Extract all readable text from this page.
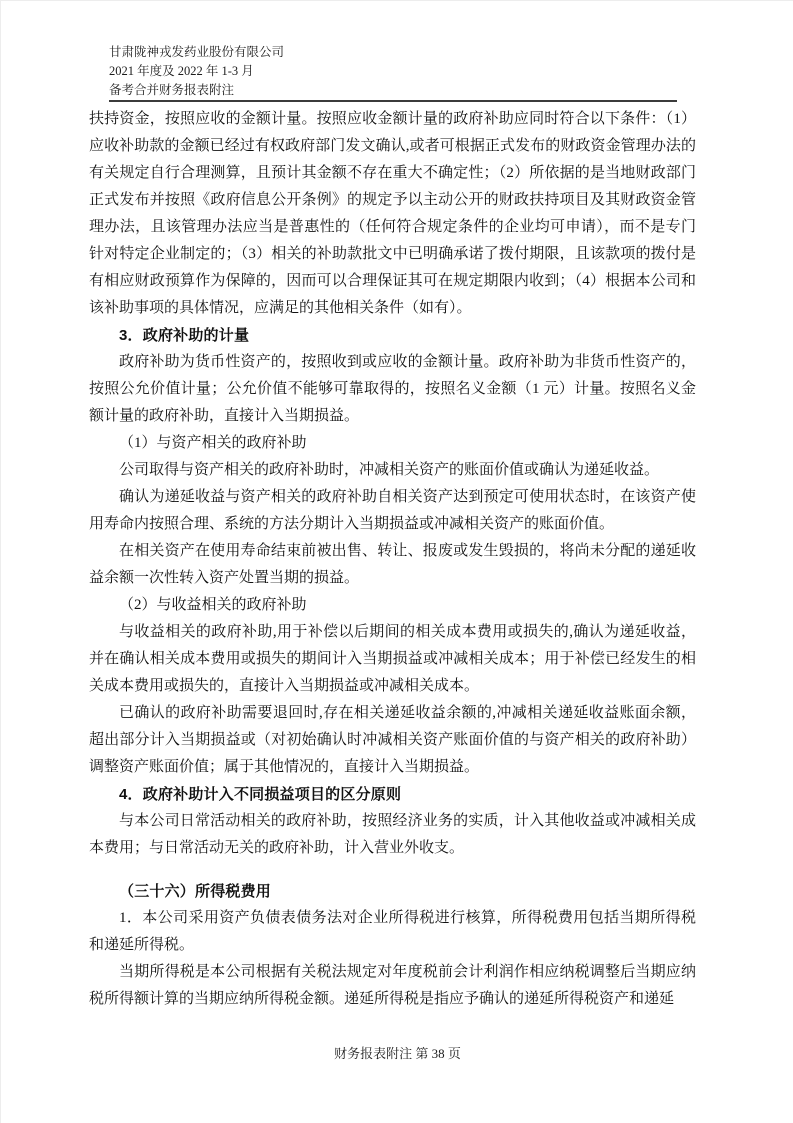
甘肃陇神戎发药业股份有限公司
2021 年度及 2022 年 1-3 月
备考合并财务报表附注

扶持资金，按照应收的金额计量。按照应收金额计量的政府补助应同时符合以下条件：（1）应收补助款的金额已经过有权政府部门发文确认,或者可根据正式发布的财政资金管理办法的有关规定自行合理测算，且预计其金额不存在重大不确定性；（2）所依据的是当地财政部门正式发布并按照《政府信息公开条例》的规定予以主动公开的财政扶持项目及其财政资金管理办法，且该管理办法应当是普惠性的（任何符合规定条件的企业均可申请），而不是专门针对特定企业制定的；（3）相关的补助款批文中已明确承诺了拨付期限，且该款项的拨付是有相应财政预算作为保障的，因而可以合理保证其可在规定期限内收到；（4）根据本公司和该补助事项的具体情况，应满足的其他相关条件（如有）。

3．政府补助的计量

政府补助为货币性资产的，按照收到或应收的金额计量。政府补助为非货币性资产的，按照公允价值计量；公允价值不能够可靠取得的，按照名义金额（1 元）计量。按照名义金额计量的政府补助，直接计入当期损益。

（1）与资产相关的政府补助

公司取得与资产相关的政府补助时，冲减相关资产的账面价值或确认为递延收益。

确认为递延收益与资产相关的政府补助自相关资产达到预定可使用状态时，在该资产使用寿命内按照合理、系统的方法分期计入当期损益或冲减相关资产的账面价值。

在相关资产在使用寿命结束前被出售、转让、报废或发生毁损的，将尚未分配的递延收益余额一次性转入资产处置当期的损益。

（2）与收益相关的政府补助

与收益相关的政府补助,用于补偿以后期间的相关成本费用或损失的,确认为递延收益，并在确认相关成本费用或损失的期间计入当期损益或冲减相关成本；用于补偿已经发生的相关成本费用或损失的，直接计入当期损益或冲减相关成本。

已确认的政府补助需要退回时,存在相关递延收益余额的,冲减相关递延收益账面余额，超出部分计入当期损益或（对初始确认时冲减相关资产账面价值的与资产相关的政府补助）调整资产账面价值；属于其他情况的，直接计入当期损益。

4．政府补助计入不同损益项目的区分原则

与本公司日常活动相关的政府补助，按照经济业务的实质，计入其他收益或冲减相关成本费用；与日常活动无关的政府补助，计入营业外收支。

（三十六）所得税费用

1．本公司采用资产负债表债务法对企业所得税进行核算，所得税费用包括当期所得税和递延所得税。

当期所得税是本公司根据有关税法规定对年度税前会计利润作相应纳税调整后当期应纳税所得额计算的当期应纳所得税金额。递延所得税是指应予确认的递延所得税资产和递延

财务报表附注 第 38 页
